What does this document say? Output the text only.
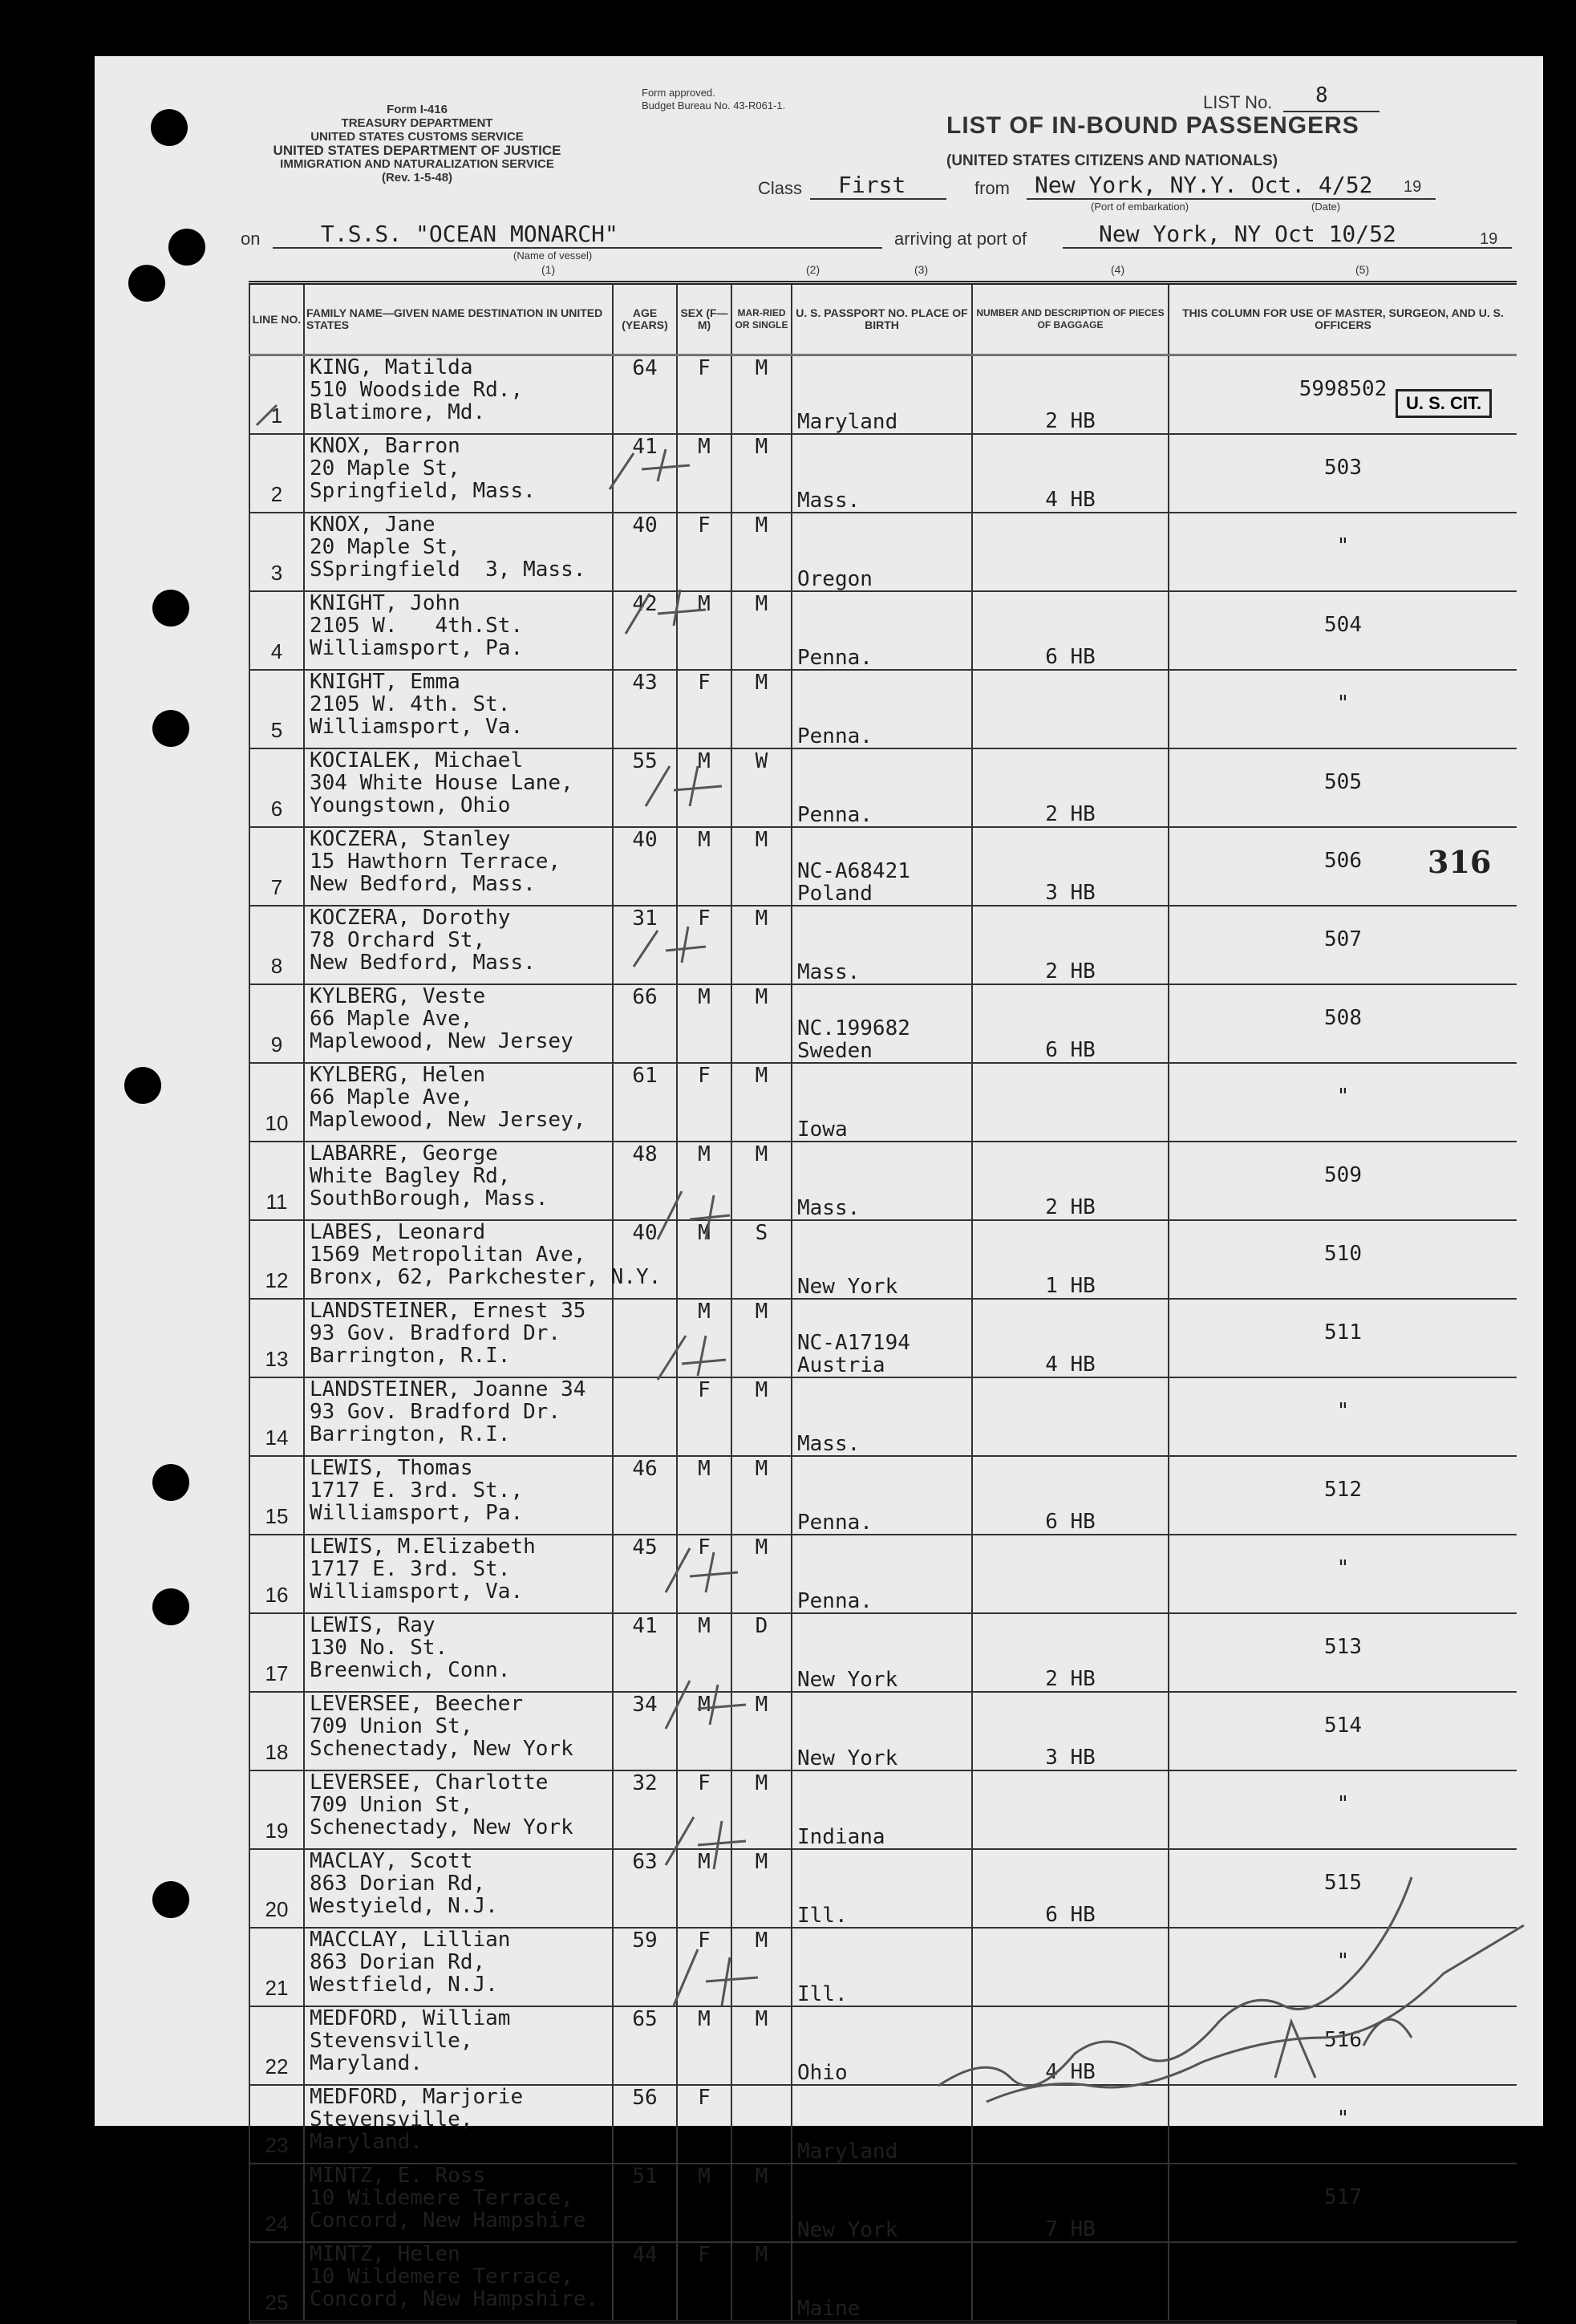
Form I-416
TREASURY DEPARTMENT
UNITED STATES CUSTOMS SERVICE
UNITED STATES DEPARTMENT OF JUSTICE
IMMIGRATION AND NATURALIZATION SERVICE
(Rev. 1-5-48)
Form approved.
Budget Bureau No. 43-R061-1.	LIST No. 8
LIST OF IN-BOUND PASSENGERS
(UNITED STATES CITIZENS AND NATIONALS)
Class First	from New York, NY.Y. Oct. 4/52 19
(Port of embarkation)	(Date)
on	T.S.S. "OCEAN MONARCH"
(Name of vessel)
arriving at port of	New York, NY Oct 10/52	19
(1)	(2)	(3)	(4)	(5)
LINE NO.	FAMILY NAME—GIVEN NAME DESTINATION IN UNITED STATES	AGE (YEARS)	SEX (F—M)	MAR-RIED OR SINGLE	U. S. PASSPORT NO. PLACE OF BIRTH	NUMBER AND DESCRIPTION OF PIECES OF BAGGAGE	THIS COLUMN FOR USE OF MASTER, SURGEON, AND U. S. OFFICERS
1	KING, Matilda
510 Woodside Rd.,
Blatimore, Md.	64	F	M	Maryland	2 HB	5998502
2	KNOX, Barron
20 Maple St,
Springfield, Mass.	41	M	M	Mass.	4 HB	503
3	KNOX, Jane
20 Maple St,
SSpringfield  3, Mass.	40	F	M	Oregon		"
4	KNIGHT, John
2105 W.   4th.St.
Williamsport, Pa.	42	M	M	Penna.	6 HB	504
5	KNIGHT, Emma
2105 W. 4th. St.
Williamsport, Va.	43	F	M	Penna.		"
6	KOCIALEK, Michael
304 White House Lane,
Youngstown, Ohio	55	M	W	Penna.	2 HB	505
7	KOCZERA, Stanley
15 Hawthorn Terrace,
New Bedford, Mass.	40	M	M	NC-A68421
Poland	3 HB	506
8	KOCZERA, Dorothy
78 Orchard St,
New Bedford, Mass.	31	F	M	Mass.	2 HB	507
9	KYLBERG, Veste
66 Maple Ave,
Maplewood, New Jersey	66	M	M	NC.199682
Sweden	6 HB	508
10	KYLBERG, Helen
66 Maple Ave,
Maplewood, New Jersey,	61	F	M	Iowa		"
11	LABARRE, George
White Bagley Rd,
SouthBorough, Mass.	48	M	M	Mass.	2 HB	509
12	LABES, Leonard
1569 Metropolitan Ave,
Bronx, 62, Parkchester, N.Y.	40	M	S	New York	1 HB	510
13	LANDSTEINER, Ernest 35
93 Gov. Bradford Dr.
Barrington, R.I.		M	M	NC-A17194
Austria	4 HB	511
14	LANDSTEINER, Joanne 34
93 Gov. Bradford Dr.
Barrington, R.I.		F	M	Mass.		"
15	LEWIS, Thomas
1717 E. 3rd. St.,
Williamsport, Pa.	46	M	M	Penna.	6 HB	512
16	LEWIS, M.Elizabeth
1717 E. 3rd. St.
Williamsport, Va.	45	F	M	Penna.		"
17	LEWIS, Ray
130 No. St.
Breenwich, Conn.	41	M	D	New York	2 HB	513
18	LEVERSEE, Beecher
709 Union St,
Schenectady, New York	34	M	M	New York	3 HB	514
19	LEVERSEE, Charlotte
709 Union St,
Schenectady, New York	32	F	M	Indiana		"
20	MACLAY, Scott
863 Dorian Rd,
Westyield, N.J.	63	M	M	Ill.	6 HB	515
21	MACCLAY, Lillian
863 Dorian Rd,
Westfield, N.J.	59	F	M	Ill.		"
22	MEDFORD, William
Stevensville,
Maryland.	65	M	M	Ohio	4 HB	516
23	MEDFORD, Marjorie
Stevensville,
Maryland.	56	F		Maryland		"
24	MINTZ, E. Ross
10 Wildemere Terrace,
Concord, New Hampshire	51	M	M	New York	7 HB	517
25	MINTZ, Helen
10 Wildemere Terrace,
Concord, New Hampshire.	44	F	M	Maine		
U. S. CIT.
316
